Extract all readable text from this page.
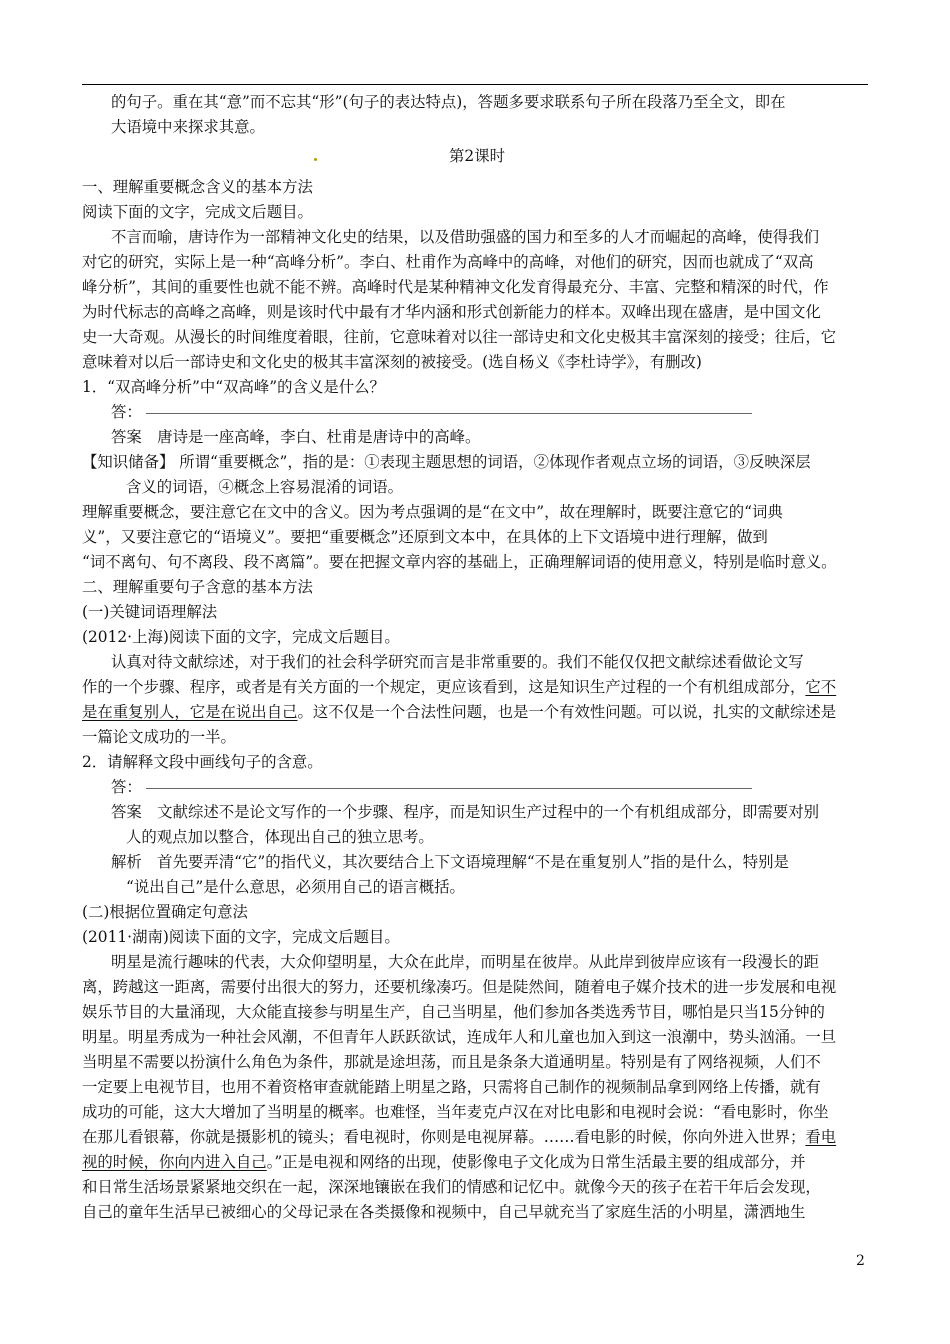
的句子。重在其“意”而不忘其“形”(句子的表达特点)，答题多要求联系句子所在段落乃至全文，即在
大语境中来探求其意。
第2课时
一、理解重要概念含义的基本方法
阅读下面的文字，完成文后题目。
不言而喻，唐诗作为一部精神文化史的结果，以及借助强盛的国力和至多的人才而崛起的高峰，使得我们
对它的研究，实际上是一种“高峰分析”。李白、杜甫作为高峰中的高峰，对他们的研究，因而也就成了“双高
峰分析”，其间的重要性也就不能不辨。高峰时代是某种精神文化发育得最充分、丰富、完整和精深的时代，作
为时代标志的高峰之高峰，则是该时代中最有才华内涵和形式创新能力的样本。双峰出现在盛唐，是中国文化
史一大奇观。从漫长的时间维度着眼，往前，它意味着对以往一部诗史和文化史极其丰富深刻的接受；往后，它
意味着对以后一部诗史和文化史的极其丰富深刻的被接受。(选自杨义《李杜诗学》，有删改)
1．“双高峰分析”中“双高峰”的含义是什么？
答：
答案　唐诗是一座高峰，李白、杜甫是唐诗中的高峰。
【知识储备】 所谓“重要概念”，指的是：①表现主题思想的词语，②体现作者观点立场的词语，③反映深层
含义的词语，④概念上容易混淆的词语。
理解重要概念，要注意它在文中的含义。因为考点强调的是“在文中”，故在理解时，既要注意它的“词典
义”，又要注意它的“语境义”。要把“重要概念”还原到文本中，在具体的上下文语境中进行理解，做到
“词不离句、句不离段、段不离篇”。要在把握文章内容的基础上，正确理解词语的使用意义，特别是临时意义。
二、理解重要句子含意的基本方法
(一)关键词语理解法
(2012·上海)阅读下面的文字，完成文后题目。
认真对待文献综述，对于我们的社会科学研究而言是非常重要的。我们不能仅仅把文献综述看做论文写
作的一个步骤、程序，或者是有关方面的一个规定，更应该看到，这是知识生产过程的一个有机组成部分，它不
是在重复别人，它是在说出自己。这不仅是一个合法性问题，也是一个有效性问题。可以说，扎实的文献综述是
一篇论文成功的一半。
2．请解释文段中画线句子的含意。
答：
答案　文献综述不是论文写作的一个步骤、程序，而是知识生产过程中的一个有机组成部分，即需要对别
人的观点加以整合，体现出自己的独立思考。
解析　首先要弄清“它”的指代义，其次要结合上下文语境理解“不是在重复别人”指的是什么，特别是
“说出自己”是什么意思，必须用自己的语言概括。
(二)根据位置确定句意法
(2011·湖南)阅读下面的文字，完成文后题目。
明星是流行趣味的代表，大众仰望明星，大众在此岸，而明星在彼岸。从此岸到彼岸应该有一段漫长的距
离，跨越这一距离，需要付出很大的努力，还要机缘凑巧。但是陡然间，随着电子媒介技术的进一步发展和电视
娱乐节目的大量涌现，大众能直接参与明星生产，自己当明星，他们参加各类选秀节目，哪怕是只当15分钟的
明星。明星秀成为一种社会风潮，不但青年人跃跃欲试，连成年人和儿童也加入到这一浪潮中，势头汹涌。一旦
当明星不需要以扮演什么角色为条件，那就是途坦荡，而且是条条大道通明星。特别是有了网络视频，人们不
一定要上电视节目，也用不着资格审查就能踏上明星之路，只需将自己制作的视频制品拿到网络上传播，就有
成功的可能，这大大增加了当明星的概率。也难怪，当年麦克卢汉在对比电影和电视时会说：“看电影时，你坐
在那儿看银幕，你就是摄影机的镜头；看电视时，你则是电视屏幕。……看电影的时候，你向外进入世界；看电
视的时候，你向内进入自己。”正是电视和网络的出现，使影像电子文化成为日常生活最主要的组成部分，并
和日常生活场景紧紧地交织在一起，深深地镶嵌在我们的情感和记忆中。就像今天的孩子在若干年后会发现，
自己的童年生活早已被细心的父母记录在各类摄像和视频中，自己早就充当了家庭生活的小明星，潇洒地生
2
